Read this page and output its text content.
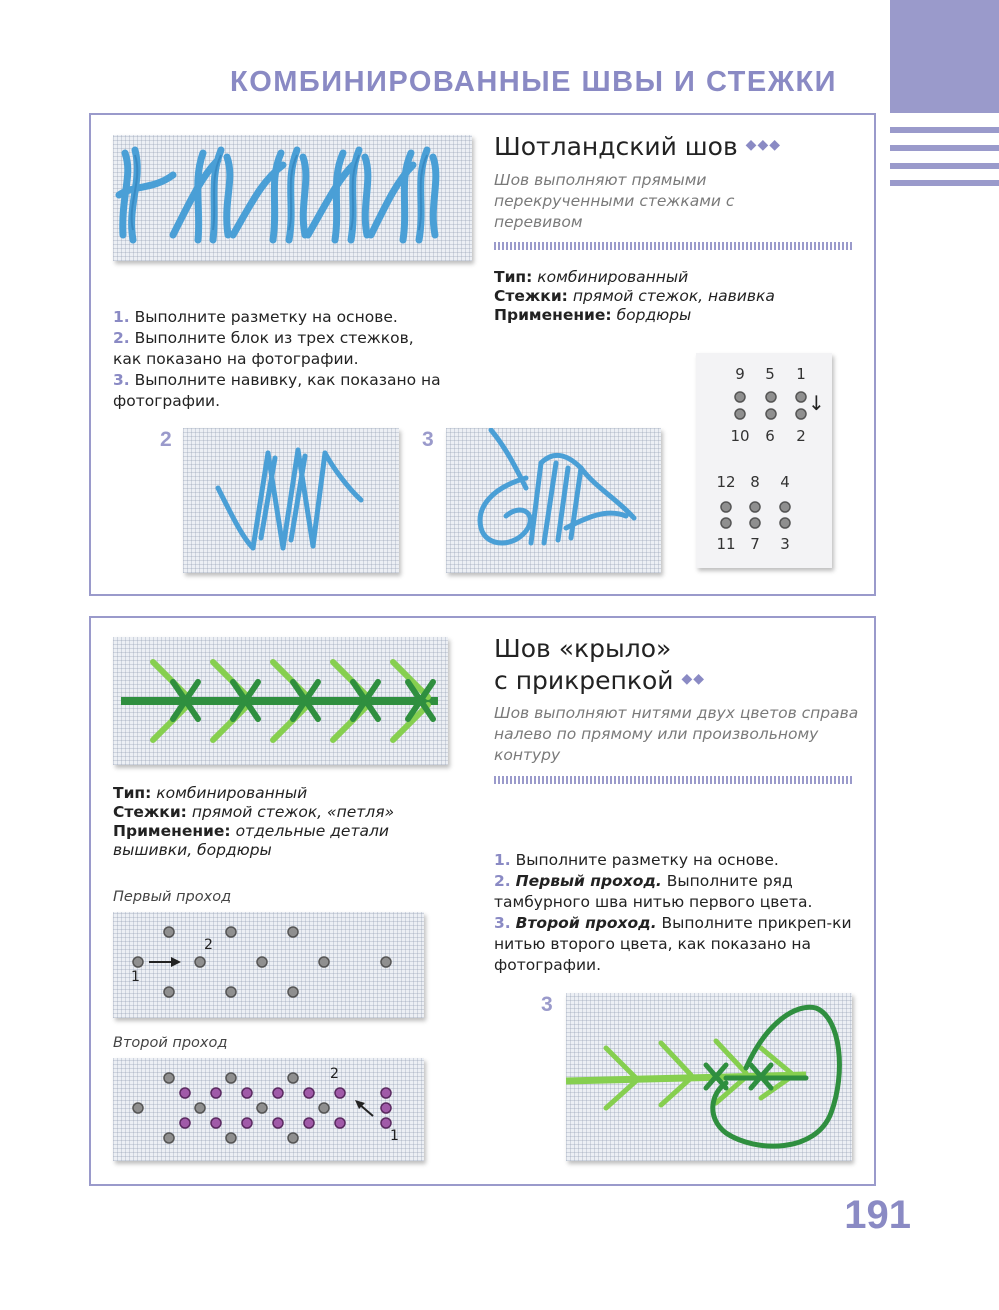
КОМБИНИРОВАННЫЕ ШВЫ И СТЕЖКИ
Шотландский шов ◆◆◆
Шов выполняют прямыми перекрученными стежками с перевивом
Тип: комбинированный
Стежки: прямой стежок, навивка
Применение: бордюры
1. Выполните разметку на основе.
2. Выполните блок из трех стежков, как показано на фотографии.
3. Выполните навивку, как показано на фотографии.
2	3
9	5	1
↓
10	6	2
12 8	4
11 7	3
Шов «крыло»
с прикрепкой ◆◆
Шов выполняют нитями двух цветов справа налево по прямому или произвольному контуру
Тип: комбинированный
Стежки: прямой стежок, «петля»
Применение: отдельные детали вышивки, бордюры
Первый проход
1
2
Второй проход
2
1
1. Выполните разметку на основе.
2. Первый проход. Выполните ряд тамбурного шва нитью первого цвета.
3. Второй проход. Выполните прикреп-ки нитью второго цвета, как показано на фотографии.
3
191
